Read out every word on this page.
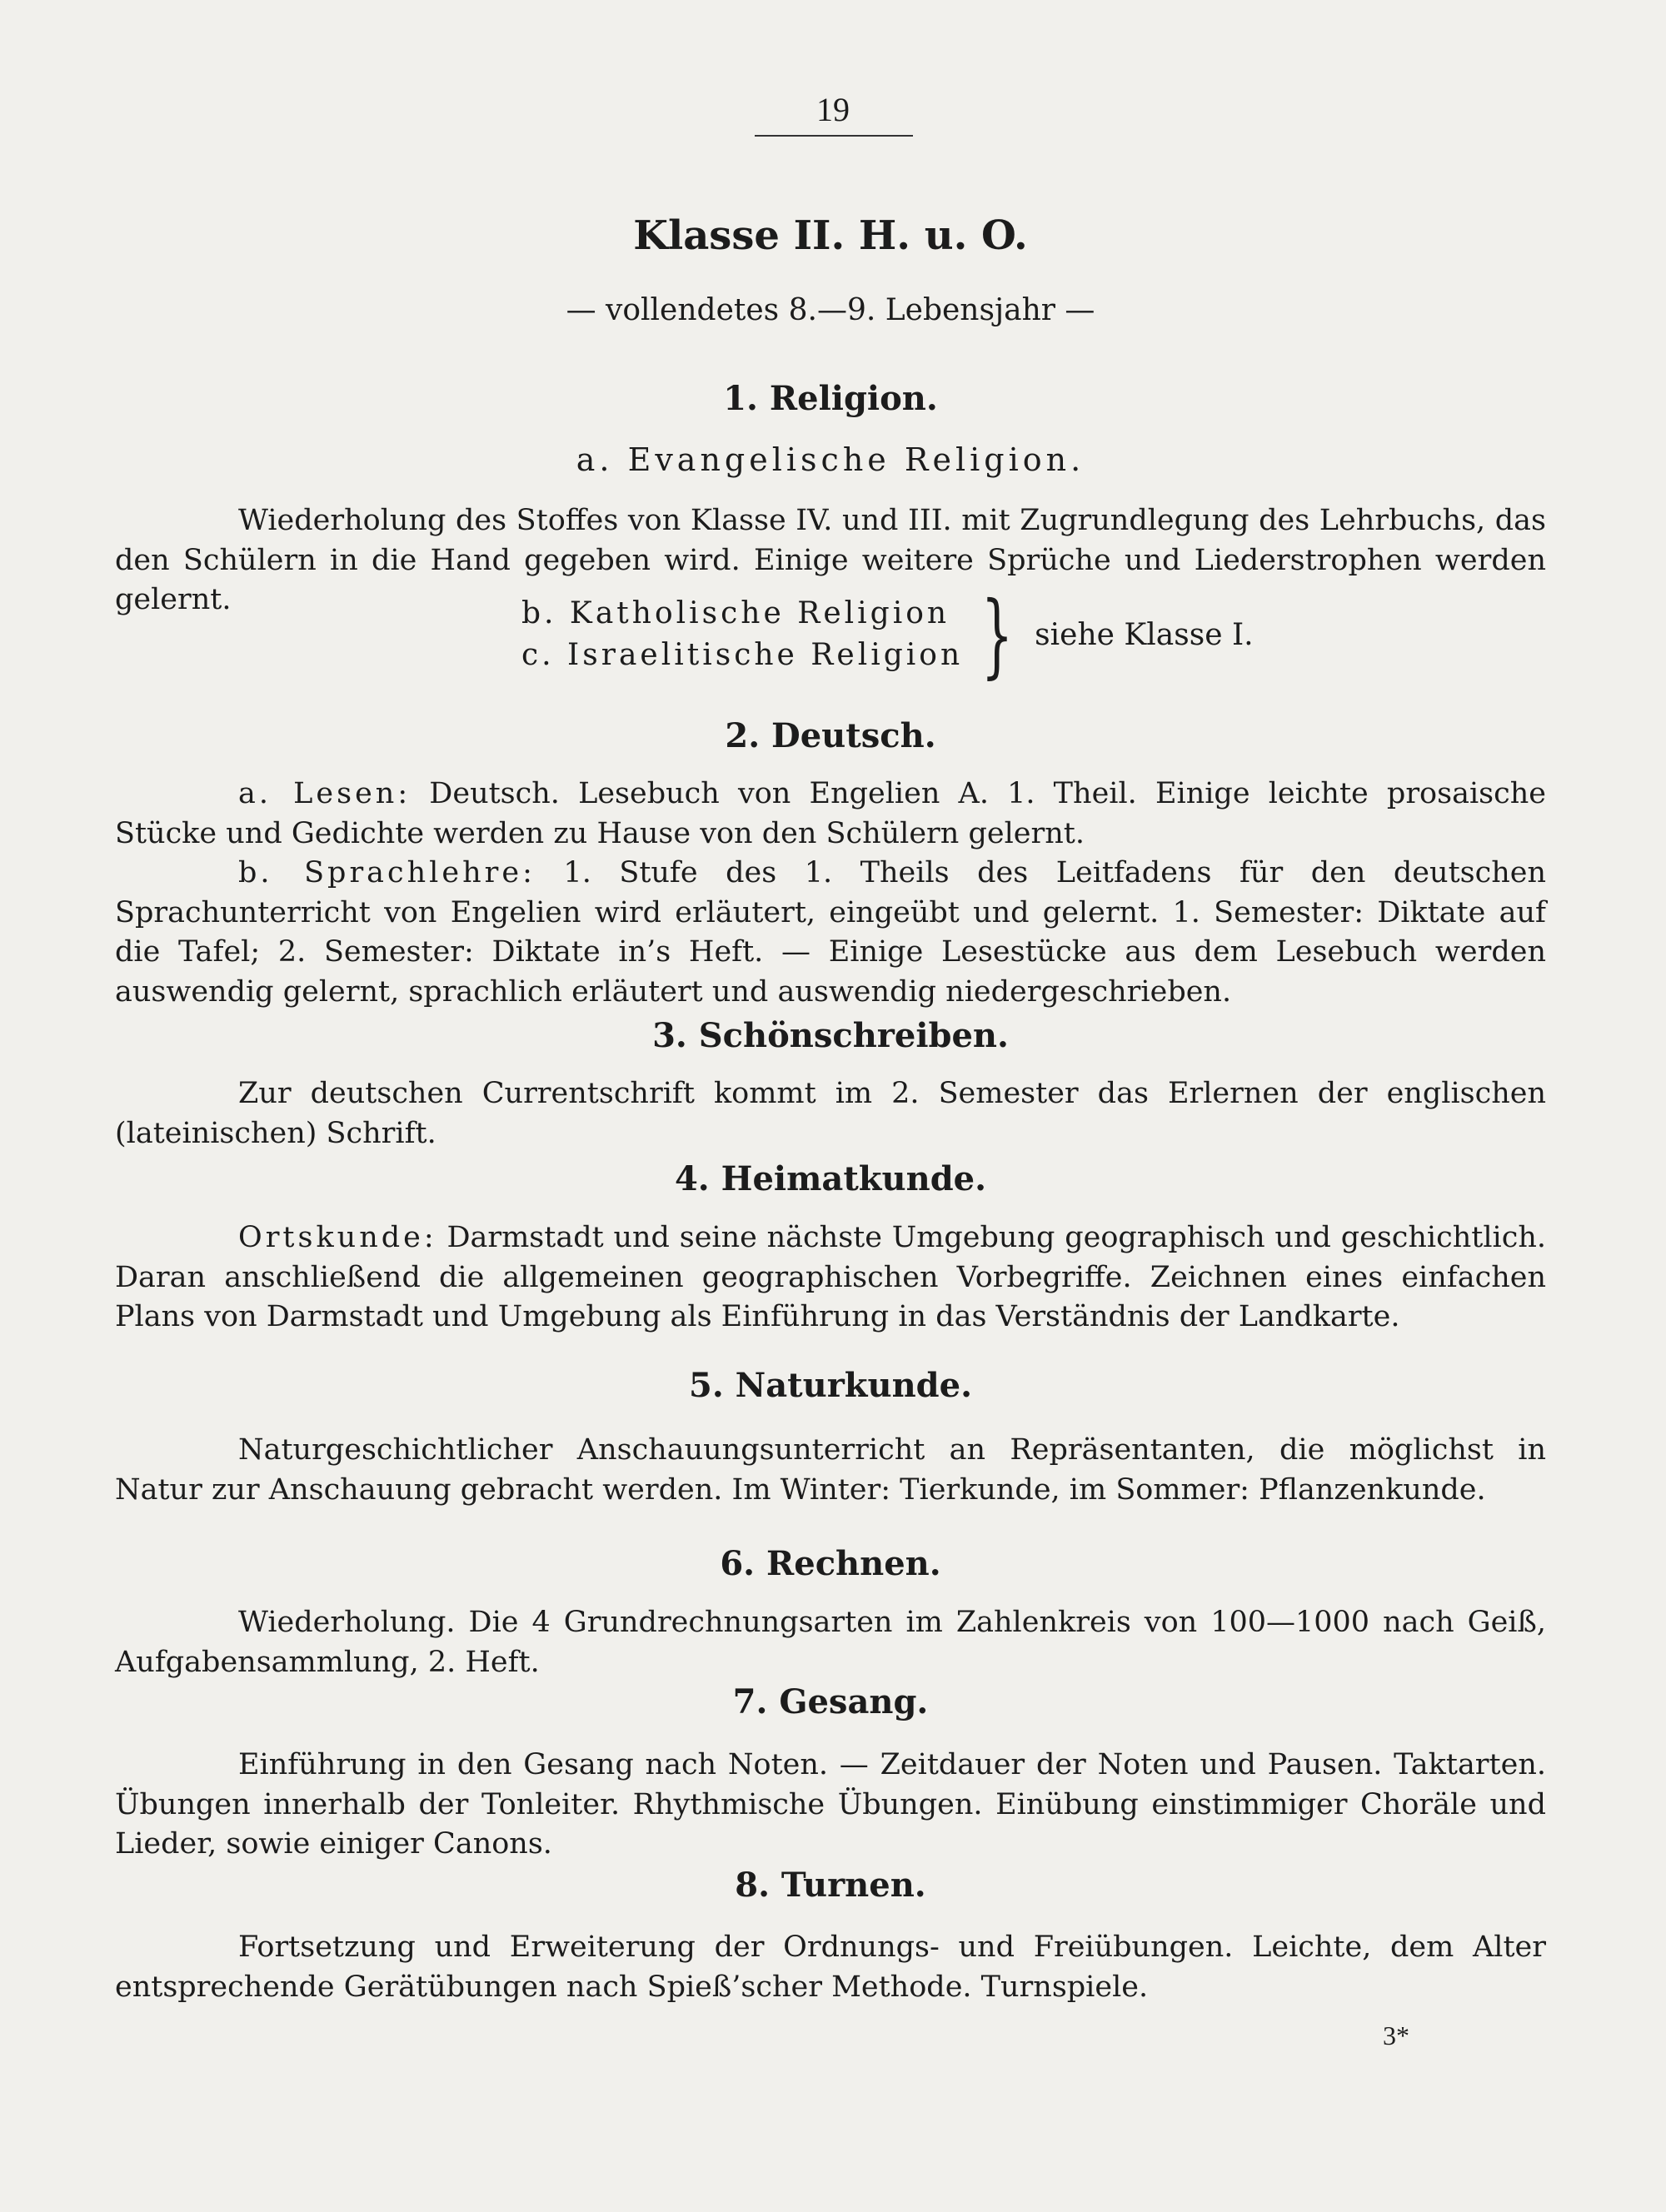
19
Klasse II. H. u. O.
— vollendetes 8.—9. Lebensjahr —
1. Religion.
a. Evangelische Religion.

Wiederholung des Stoffes von Klasse IV. und III. mit Zugrundlegung des Lehrbuchs, das den Schülern in die Hand gegeben wird. Einige weitere Sprüche und Liederstrophen werden gelernt.	b. Katholische Religion
c. Israelitische Religion } siehe Klasse I.
2. Deutsch.

a. Lesen: Deutsch. Lesebuch von Engelien A. 1. Theil. Einige leichte prosaische Stücke und Gedichte werden zu Hause von den Schülern gelernt.

b. Sprachlehre: 1. Stufe des 1. Theils des Leitfadens für den deutschen Sprachunterricht von Engelien wird erläutert, eingeübt und gelernt. 1. Semester: Diktate auf die Tafel; 2. Semester: Diktate in’s Heft. — Einige Lesestücke aus dem Lesebuch werden auswendig gelernt, sprachlich erläutert und auswendig niedergeschrieben.

3. Schönschreiben.

Zur deutschen Currentschrift kommt im 2. Semester das Erlernen der englischen (lateinischen) Schrift.

4. Heimatkunde.

Ortskunde: Darmstadt und seine nächste Umgebung geographisch und geschichtlich. Daran anschließend die allgemeinen geographischen Vorbegriffe. Zeichnen eines einfachen Plans von Darmstadt und Umgebung als Einführung in das Verständnis der Landkarte.

5. Naturkunde.

Naturgeschichtlicher Anschauungsunterricht an Repräsentanten, die möglichst in Natur zur Anschauung gebracht werden. Im Winter: Tierkunde, im Sommer: Pflanzenkunde.

6. Rechnen.

Wiederholung. Die 4 Grundrechnungsarten im Zahlenkreis von 100—1000 nach Geiß, Aufgabensammlung, 2. Heft.

7. Gesang.

Einführung in den Gesang nach Noten. — Zeitdauer der Noten und Pausen. Taktarten. Übungen innerhalb der Tonleiter. Rhythmische Übungen. Einübung einstimmiger Choräle und Lieder, sowie einiger Canons.

8. Turnen.

Fortsetzung und Erweiterung der Ordnungs- und Freiübungen. Leichte, dem Alter entsprechende Gerätübungen nach Spieß’scher Methode. Turnspiele.

3*
